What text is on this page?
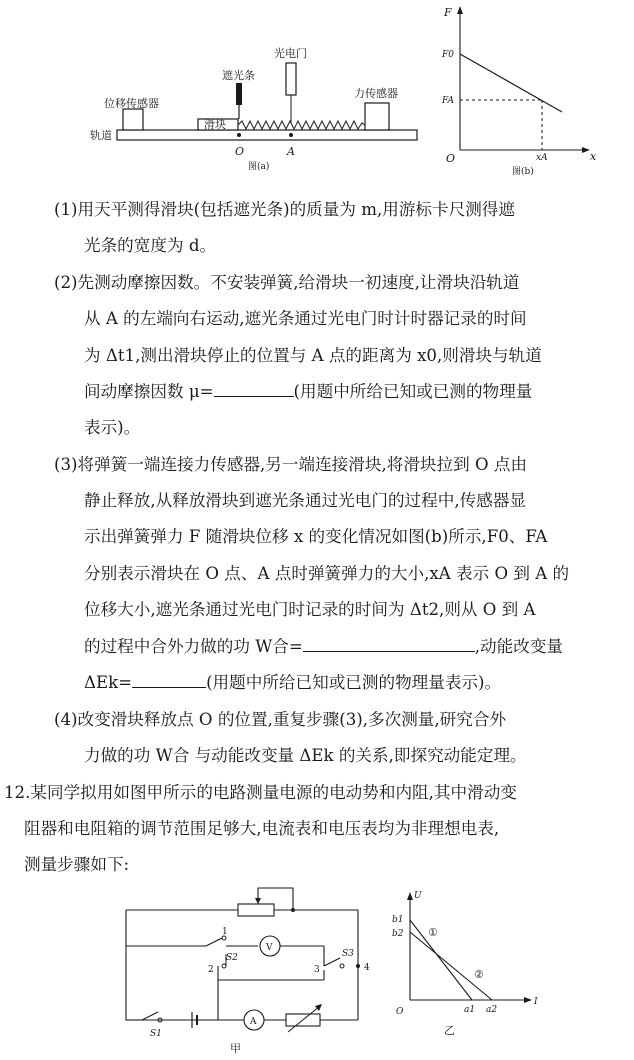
位移传感器
遮光条
光电门
力传感器
轨道
滑块
O	A
图(a)
F
x
O
F0
FA
xA
图(b)
(1)用天平测得滑块(包括遮光条)的质量为 m,用游标卡尺测得遮
光条的宽度为 d。
(2)先测动摩擦因数。不安装弹簧,给滑块一初速度,让滑块沿轨道
从 A 的左端向右运动,遮光条通过光电门时计时器记录的时间
为 Δt1,测出滑块停止的位置与 A 点的距离为 x0,则滑块与轨道
间动摩擦因数 μ=	(用题中所给已知或已测的物理量
表示)。
(3)将弹簧一端连接力传感器,另一端连接滑块,将滑块拉到 O 点由
静止释放,从释放滑块到遮光条通过光电门的过程中,传感器显
示出弹簧弹力 F 随滑块位移 x 的变化情况如图(b)所示,F0、FA
分别表示滑块在 O 点、A 点时弹簧弹力的大小,xA 表示 O 到 A 的
位移大小,遮光条通过光电门时记录的时间为 Δt2,则从 O 到 A
的过程中合外力做的功 W合=	,动能改变量
ΔEk=	(用题中所给已知或已测的物理量表示)。
(4)改变滑块释放点 O 的位置,重复步骤(3),多次测量,研究合外
力做的功 W合 与动能改变量 ΔEk 的关系,即探究动能定理。
12.某同学拟用如图甲所示的电路测量电源的电动势和内阻,其中滑动变
阻器和电阻箱的调节范围足够大,电流表和电压表均为非理想电表,
测量步骤如下:
1
2	3	4
S1
S2	S3
V
A
甲
U
I
O
b1
b2
a1 a2
①
②
乙
